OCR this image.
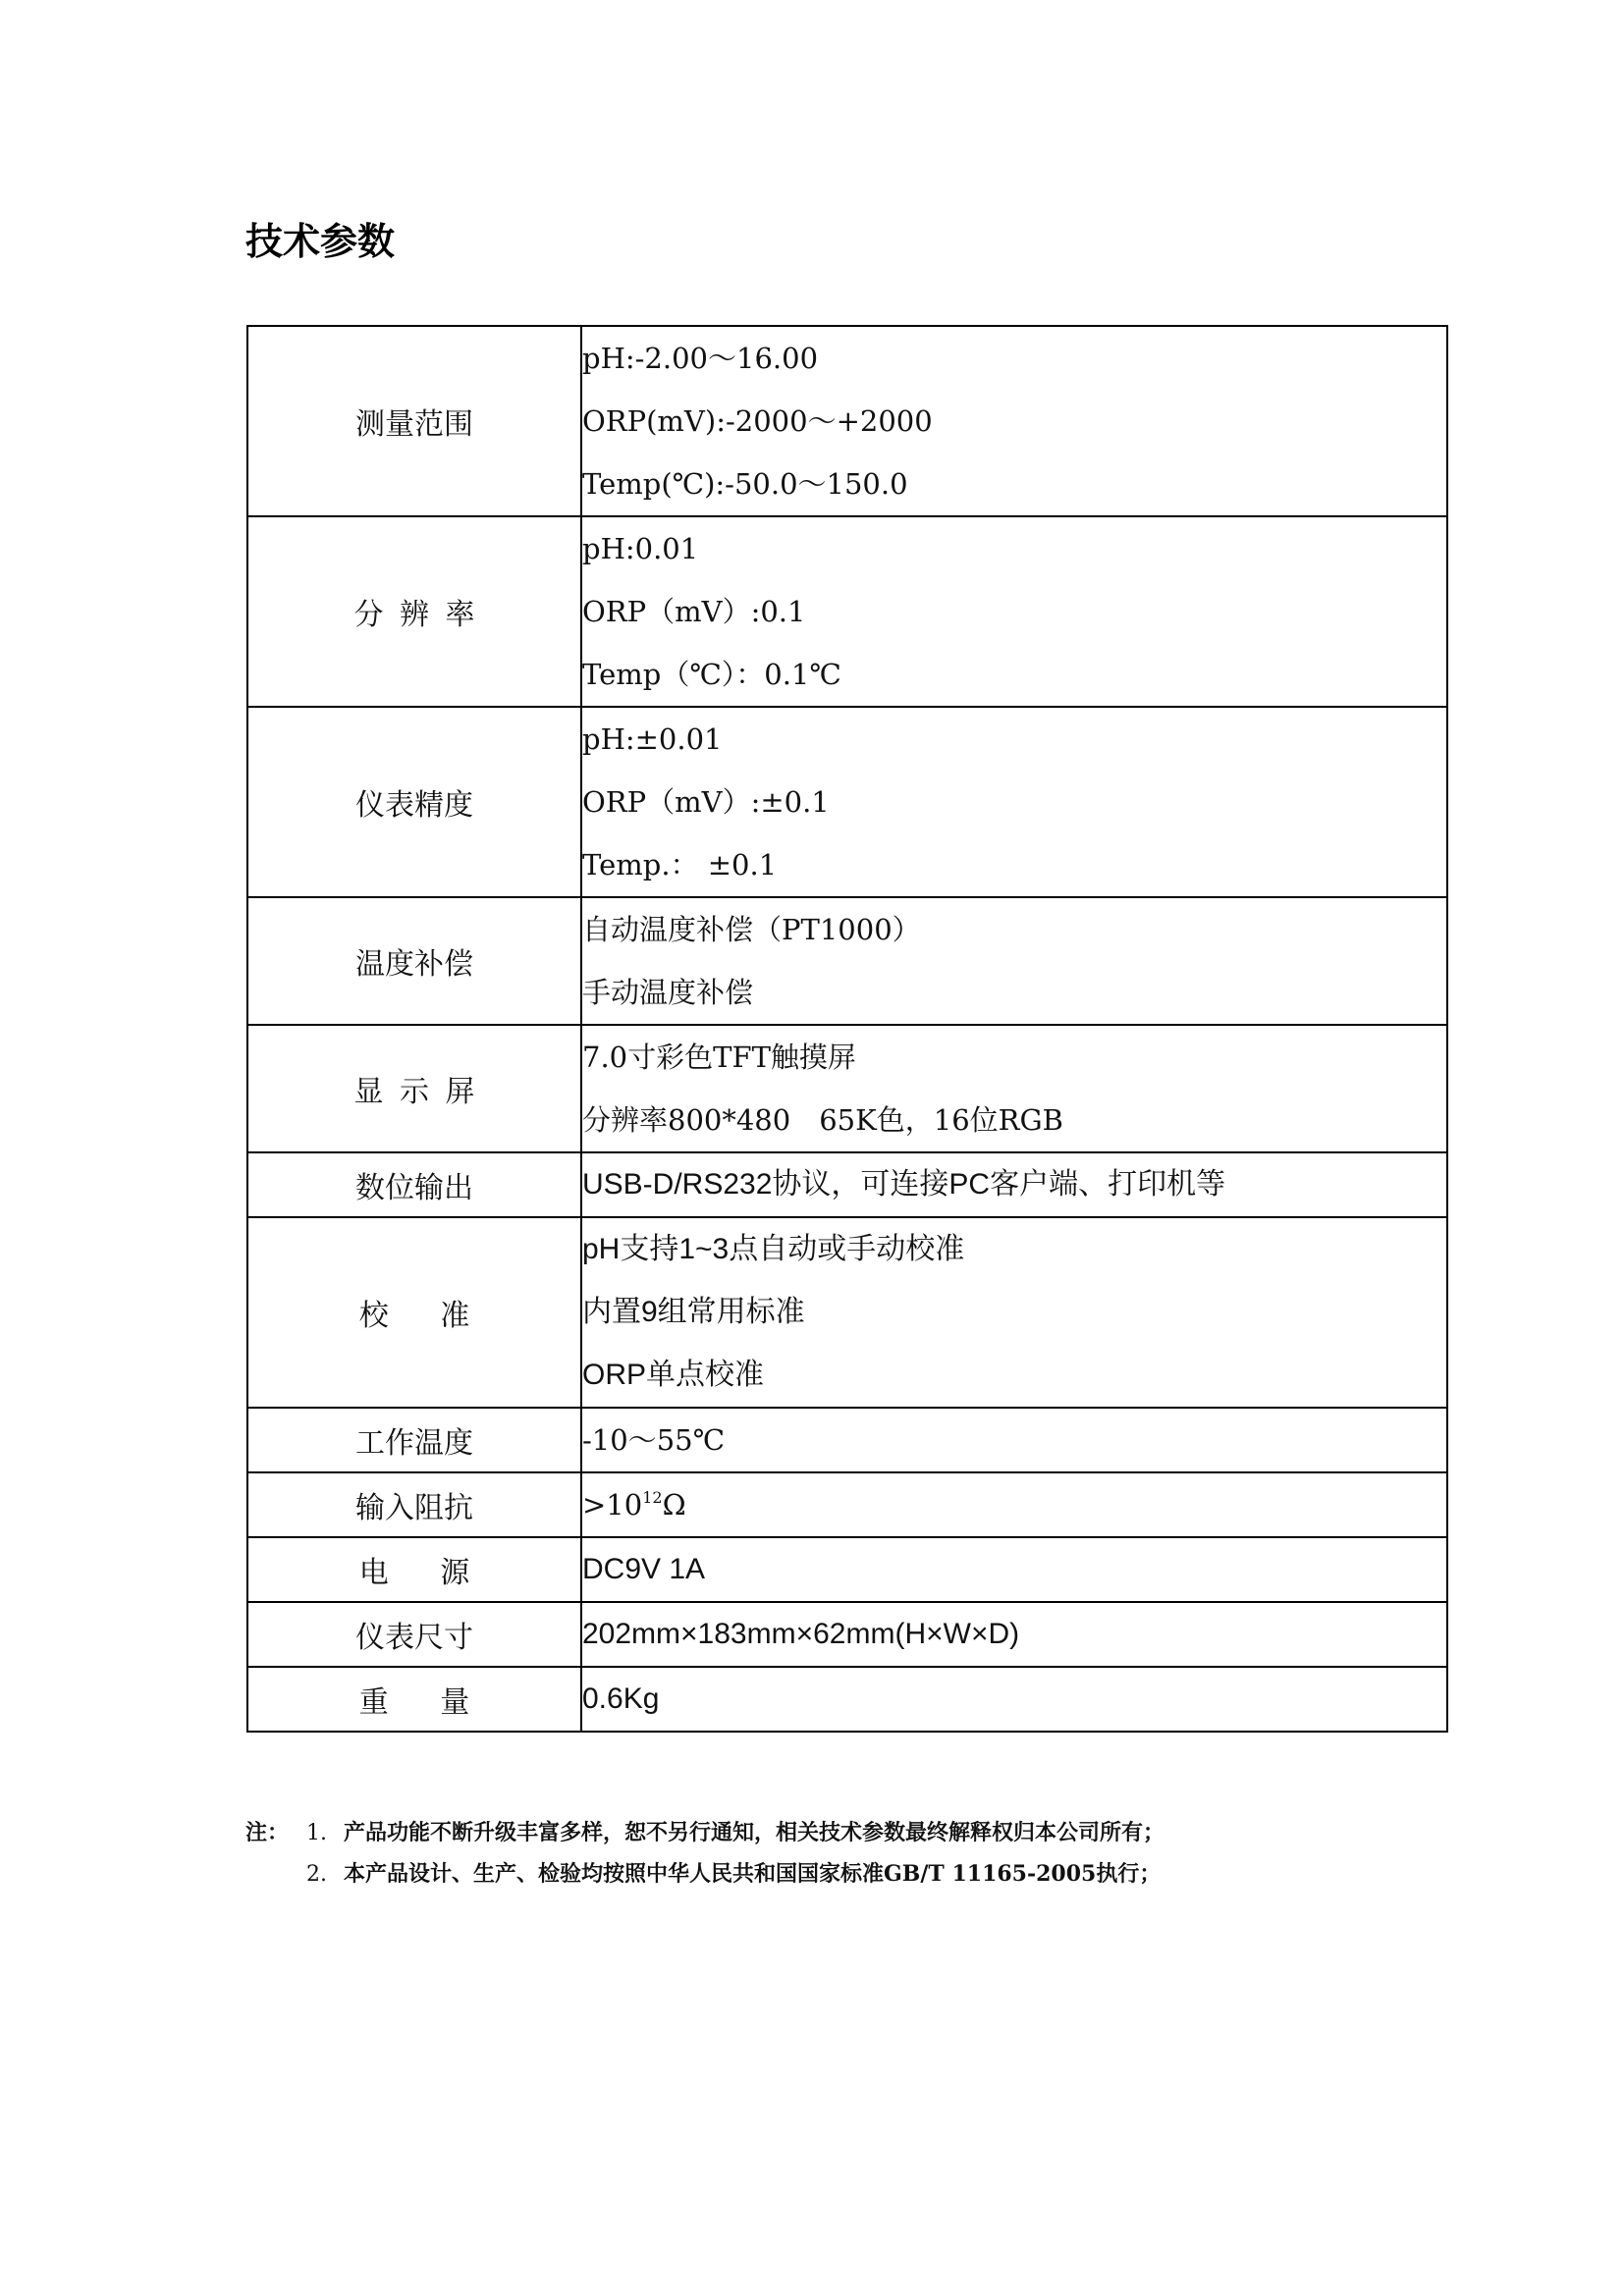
技术参数
测量范围	pH:-2.00～16.00
ORP(mV):-2000～+2000
Temp(℃):-50.0～150.0

分辨率	pH:0.01
ORP（mV）:0.1
Temp（℃）：0.1℃

仪表精度	pH:±0.01
ORP（mV）:±0.1
Temp.： ±0.1

温度补偿	自动温度补偿（PT1000）
手动温度补偿

显示屏	7.0寸彩色TFT触摸屏
分辨率800*480　65K色，16位RGB

数位输出	USB-D/RS232协议，可连接PC客户端、打印机等

校准	pH支持1~3点自动或手动校准
内置9组常用标准
ORP单点校准

工作温度	-10～55℃

输入阻抗	$>10^{12}\Omega$

电源	DC9V 1A

仪表尺寸	202mm×183mm×62mm(H×W×D)

重量	0.6Kg
注： 1. 产品功能不断升级丰富多样，恕不另行通知，相关技术参数最终解释权归本公司所有；
2. 本产品设计、生产、检验均按照中华人民共和国国家标准GB/T 11165-2005执行；
